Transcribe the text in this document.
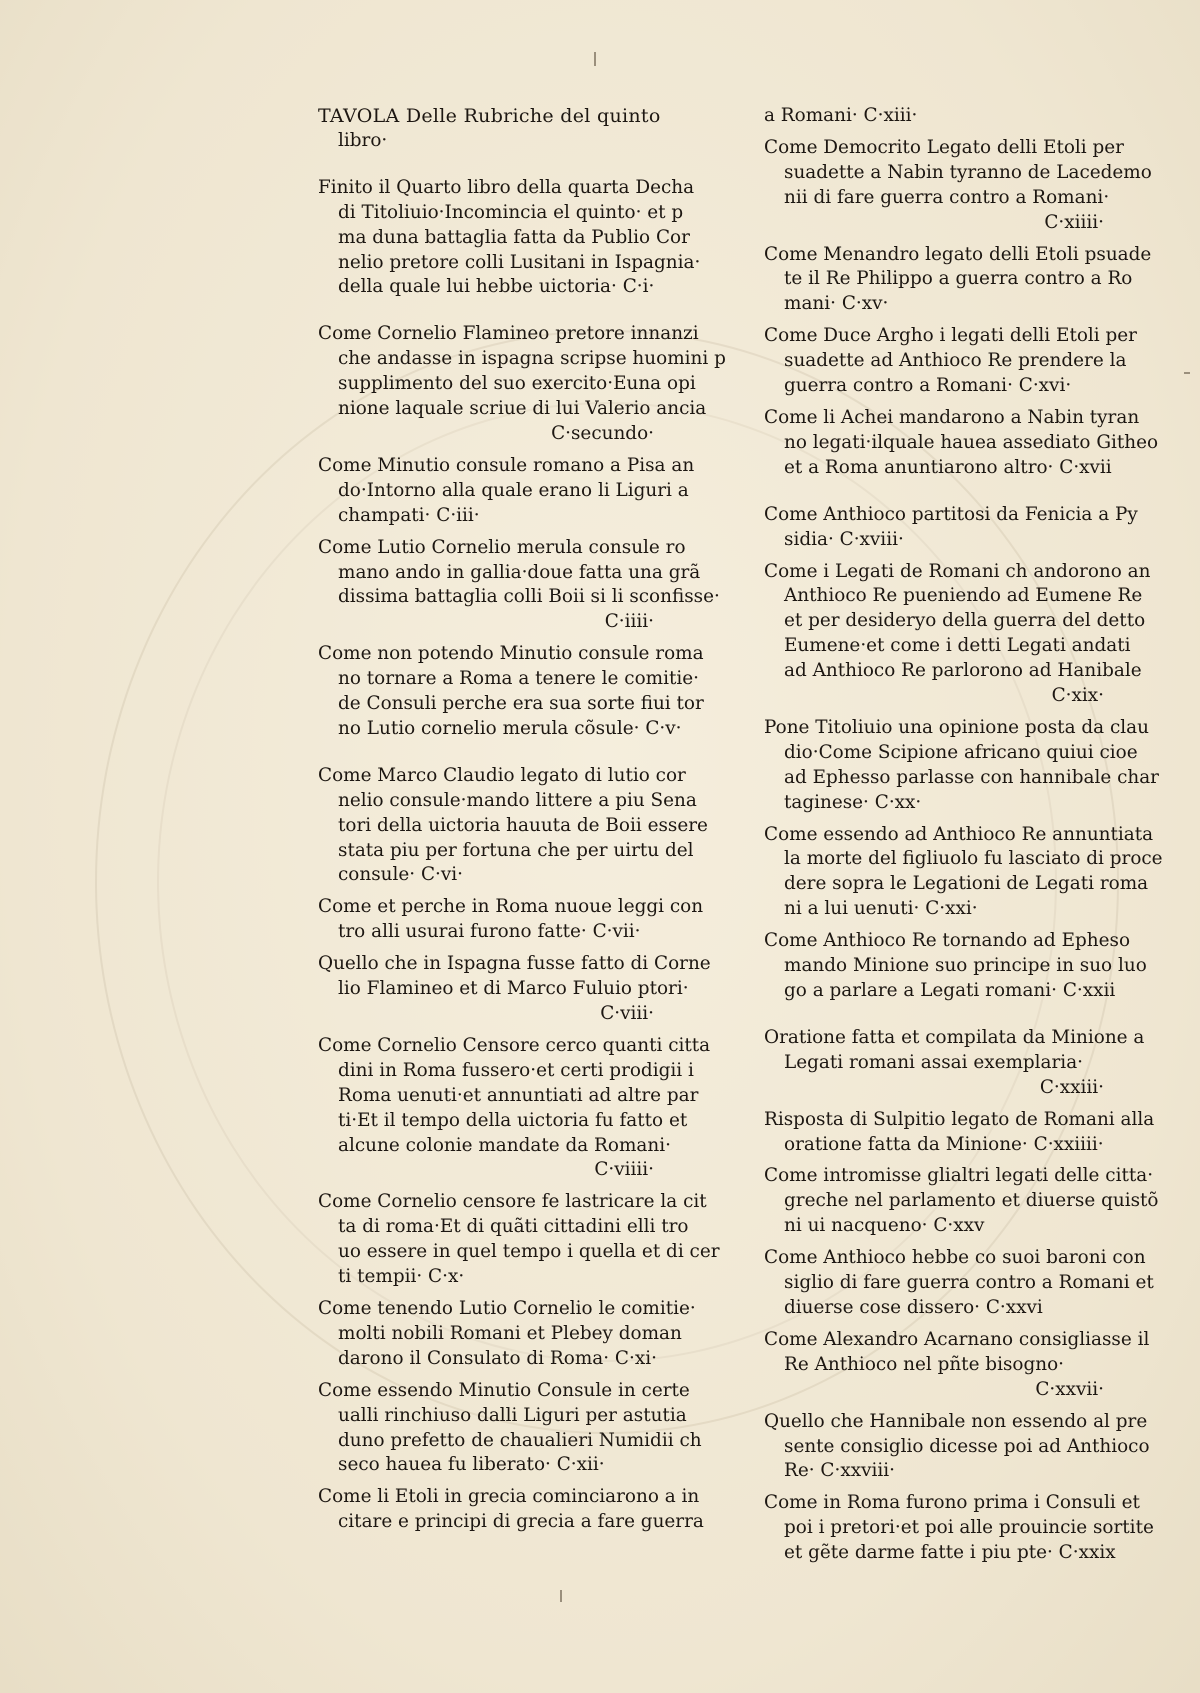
TAVOLA Delle Rubriche del quinto
libro·
Finito il Quarto libro della quarta Decha
di Titoliuio·Incomincia el quinto· et p
ma duna battaglia fatta da Publio Cor
nelio pretore colli Lusitani in Ispagnia·
della quale lui hebbe uictoria· C·i·
Come Cornelio Flamineo pretore innanzi
che andasse in ispagna scripse huomini p
supplimento del suo exercito·Euna opi
nione laquale scriue di lui Valerio ancia
C·secundo·
Come Minutio consule romano a Pisa an
do·Intorno alla quale erano li Liguri a
champati· C·iii·
Come Lutio Cornelio merula consule ro
mano ando in gallia·doue fatta una grã
dissima battaglia colli Boii si li sconfisse·
C·iiii·
Come non potendo Minutio consule roma
no tornare a Roma a tenere le comitie·
de Consuli perche era sua sorte fiui tor
no Lutio cornelio merula cõsule· C·v·
Come Marco Claudio legato di lutio cor
nelio consule·mando littere a piu Sena
tori della uictoria hauuta de Boii essere
stata piu per fortuna che per uirtu del
consule· C·vi·
Come et perche in Roma nuoue leggi con
tro alli usurai furono fatte· C·vii·
Quello che in Ispagna fusse fatto di Corne
lio Flamineo et di Marco Fuluio ptori·
C·viii·
Come Cornelio Censore cerco quanti citta
dini in Roma fussero·et certi prodigii i
Roma uenuti·et annuntiati ad altre par
ti·Et il tempo della uictoria fu fatto et
alcune colonie mandate da Romani·
C·viiii·
Come Cornelio censore fe lastricare la cit
ta di roma·Et di quãti cittadini elli tro
uo essere in quel tempo i quella et di cer
ti tempii· C·x·
Come tenendo Lutio Cornelio le comitie·
molti nobili Romani et Plebey doman
darono il Consulato di Roma· C·xi·
Come essendo Minutio Consule in certe
ualli rinchiuso dalli Liguri per astutia
duno prefetto de chaualieri Numidii ch
seco hauea fu liberato· C·xii·
Come li Etoli in grecia cominciarono a in
citare e principi di grecia a fare guerra
a Romani· C·xiii·
Come Democrito Legato delli Etoli per
suadette a Nabin tyranno de Lacedemo
nii di fare guerra contro a Romani·
C·xiiii·
Come Menandro legato delli Etoli psuade
te il Re Philippo a guerra contro a Ro
mani· C·xv·
Come Duce Argho i legati delli Etoli per
suadette ad Anthioco Re prendere la
guerra contro a Romani· C·xvi·
Come li Achei mandarono a Nabin tyran
no legati·ilquale hauea assediato Githeo
et a Roma anuntiarono altro· C·xvii
Come Anthioco partitosi da Fenicia a Py
sidia· C·xviii·
Come i Legati de Romani ch andorono an
Anthioco Re pueniendo ad Eumene Re
et per desideryo della guerra del detto
Eumene·et come i detti Legati andati
ad Anthioco Re parlorono ad Hanibale
C·xix·
Pone Titoliuio una opinione posta da clau
dio·Come Scipione africano quiui cioe
ad Ephesso parlasse con hannibale char
taginese· C·xx·
Come essendo ad Anthioco Re annuntiata
la morte del figliuolo fu lasciato di proce
dere sopra le Legationi de Legati roma
ni a lui uenuti· C·xxi·
Come Anthioco Re tornando ad Epheso
mando Minione suo principe in suo luo
go a parlare a Legati romani· C·xxii
Oratione fatta et compilata da Minione a
Legati romani assai exemplaria·
C·xxiii·
Risposta di Sulpitio legato de Romani alla
oratione fatta da Minione· C·xxiiii·
Come intromisse glialtri legati delle citta·
greche nel parlamento et diuerse quistõ
ni ui nacqueno· C·xxv
Come Anthioco hebbe co suoi baroni con
siglio di fare guerra contro a Romani et
diuerse cose dissero· C·xxvi
Come Alexandro Acarnano consigliasse il
Re Anthioco nel pñte bisogno·
C·xxvii·
Quello che Hannibale non essendo al pre
sente consiglio dicesse poi ad Anthioco
Re· C·xxviii·
Come in Roma furono prima i Consuli et
poi i pretori·et poi alle prouincie sortite
et gẽte darme fatte i piu pte· C·xxix
